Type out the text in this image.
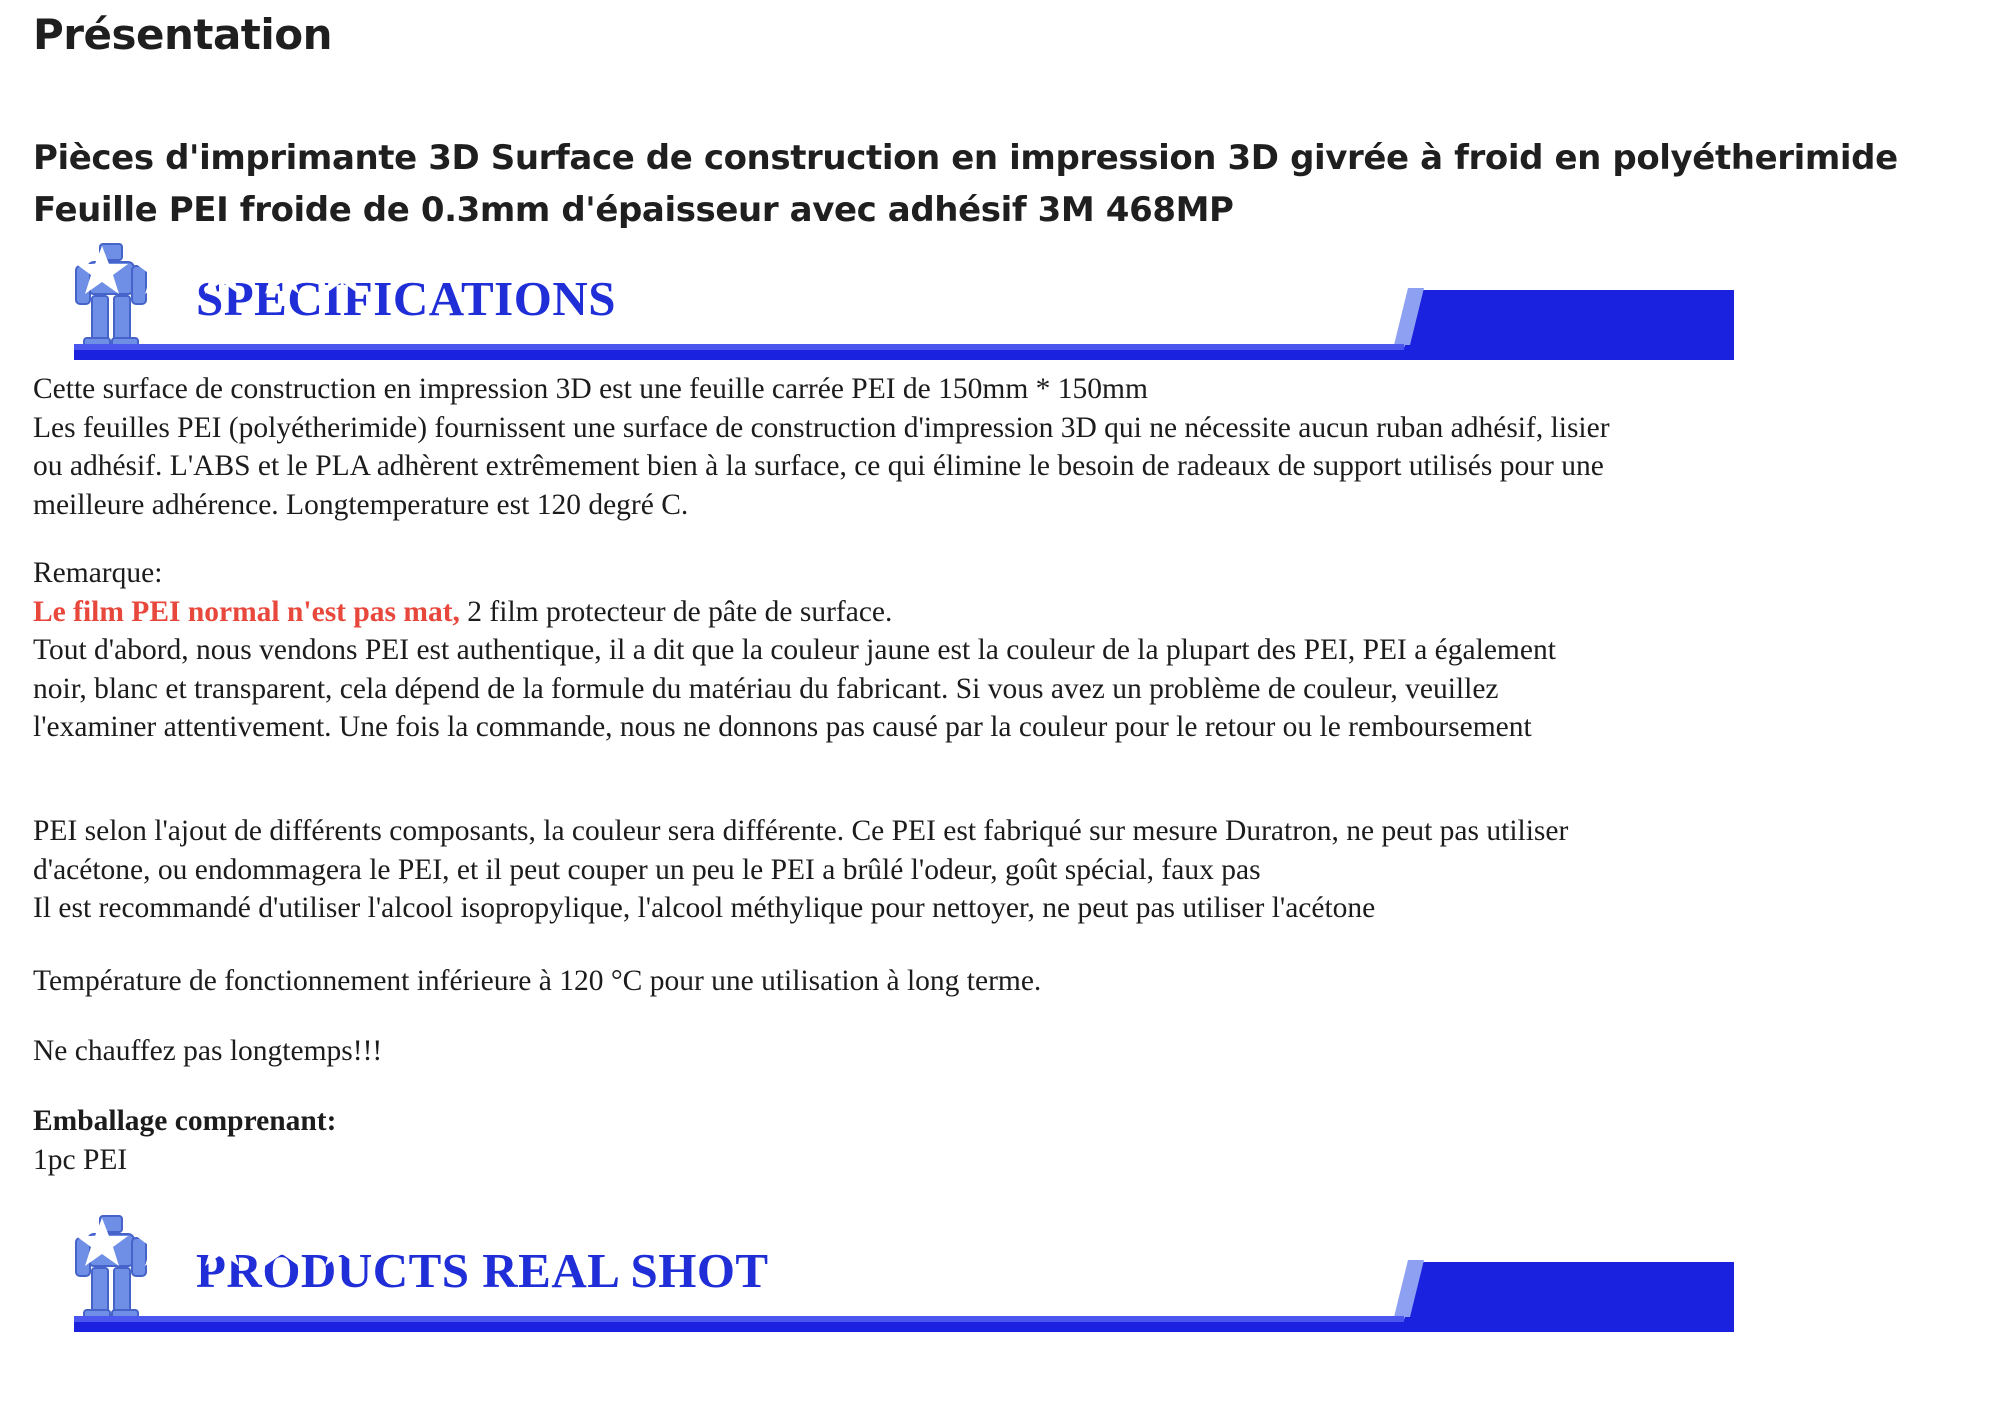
Présentation
Pièces d'imprimante 3D Surface de construction en impression 3D givrée à froid en polyétherimide
Feuille PEI froide de 0.3mm d'épaisseur avec adhésif 3M 468MP
SPECIFICATIONS

Cette surface de construction en impression 3D est une feuille carrée PEI de 150mm * 150mm

Les feuilles PEI (polyétherimide) fournissent une surface de construction d'impression 3D qui ne nécessite aucun ruban adhésif, lisier

ou adhésif. L'ABS et le PLA adhèrent extrêmement bien à la surface, ce qui élimine le besoin de radeaux de support utilisés pour une

meilleure adhérence. Longtemperature est 120 degré C.

Remarque:

Le film PEI normal n'est pas mat, 2 film protecteur de pâte de surface.

Tout d'abord, nous vendons PEI est authentique, il a dit que la couleur jaune est la couleur de la plupart des PEI, PEI a également

noir, blanc et transparent, cela dépend de la formule du matériau du fabricant. Si vous avez un problème de couleur, veuillez

l'examiner attentivement. Une fois la commande, nous ne donnons pas causé par la couleur pour le retour ou le remboursement

PEI selon l'ajout de différents composants, la couleur sera différente. Ce PEI est fabriqué sur mesure Duratron, ne peut pas utiliser

d'acétone, ou endommagera le PEI, et il peut couper un peu le PEI a brûlé l'odeur, goût spécial, faux pas

Il est recommandé d'utiliser l'alcool isopropylique, l'alcool méthylique pour nettoyer, ne peut pas utiliser l'acétone

Température de fonctionnement inférieure à 120 °C pour une utilisation à long terme.
Ne chauffez pas longtemps!!!

Emballage comprenant:

1pc PEI

PRODUCTS REAL SHOT
